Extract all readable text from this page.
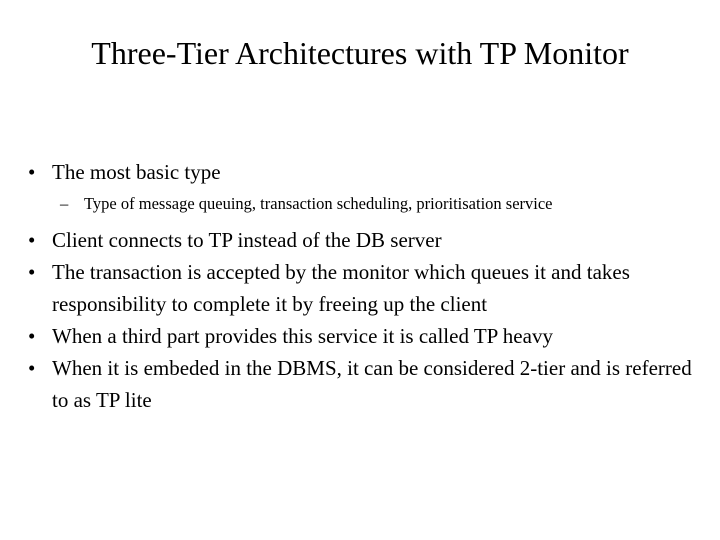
Three-Tier Architectures with TP Monitor
• The most basic type
– Type of message queuing, transaction scheduling, prioritisation service
• Client connects to TP instead of the DB server
• The transaction is accepted by the monitor which queues it and takes responsibility to complete it by freeing up the client
• When a third part provides this service it is called TP heavy
• When it is embeded in the DBMS, it can be considered 2-tier and is referred to as TP lite
